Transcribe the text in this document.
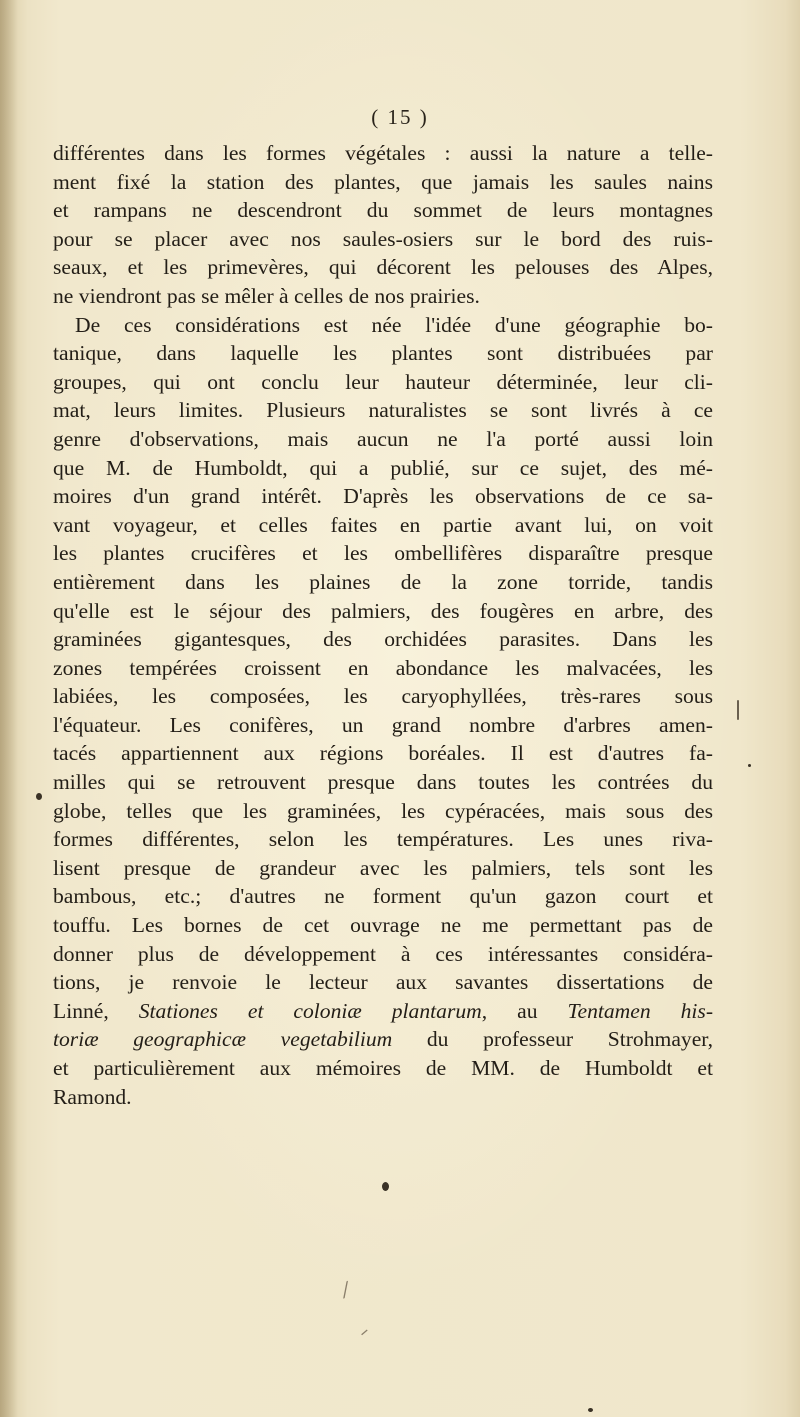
( 15 )
différentes dans les formes végétales : aussi la nature a telle-
ment fixé la station des plantes, que jamais les saules nains
et rampans ne descendront du sommet de leurs montagnes
pour se placer avec nos saules-osiers sur le bord des ruis-
seaux, et les primevères, qui décorent les pelouses des Alpes,
ne viendront pas se mêler à celles de nos prairies.
De ces considérations est née l'idée d'une géographie bo-
tanique, dans laquelle les plantes sont distribuées par
groupes, qui ont conclu leur hauteur déterminée, leur cli-
mat, leurs limites. Plusieurs naturalistes se sont livrés à ce
genre d'observations, mais aucun ne l'a porté aussi loin
que M. de Humboldt, qui a publié, sur ce sujet, des mé-
moires d'un grand intérêt. D'après les observations de ce sa-
vant voyageur, et celles faites en partie avant lui, on voit
les plantes crucifères et les ombellifères disparaître presque
entièrement dans les plaines de la zone torride, tandis
qu'elle est le séjour des palmiers, des fougères en arbre, des
graminées gigantesques, des orchidées parasites. Dans les
zones tempérées croissent en abondance les malvacées, les
labiées, les composées, les caryophyllées, très-rares sous
l'équateur. Les conifères, un grand nombre d'arbres amen-
tacés appartiennent aux régions boréales. Il est d'autres fa-
milles qui se retrouvent presque dans toutes les contrées du
globe, telles que les graminées, les cypéracées, mais sous des
formes différentes, selon les températures. Les unes riva-
lisent presque de grandeur avec les palmiers, tels sont les
bambous, etc.; d'autres ne forment qu'un gazon court et
touffu. Les bornes de cet ouvrage ne me permettant pas de
donner plus de développement à ces intéressantes considéra-
tions, je renvoie le lecteur aux savantes dissertations de
Linné, Stationes et coloniæ plantarum, au Tentamen his-
toriæ geographicæ vegetabilium du professeur Strohmayer,
et particulièrement aux mémoires de MM. de Humboldt et
Ramond.
⁄
ᐟ
